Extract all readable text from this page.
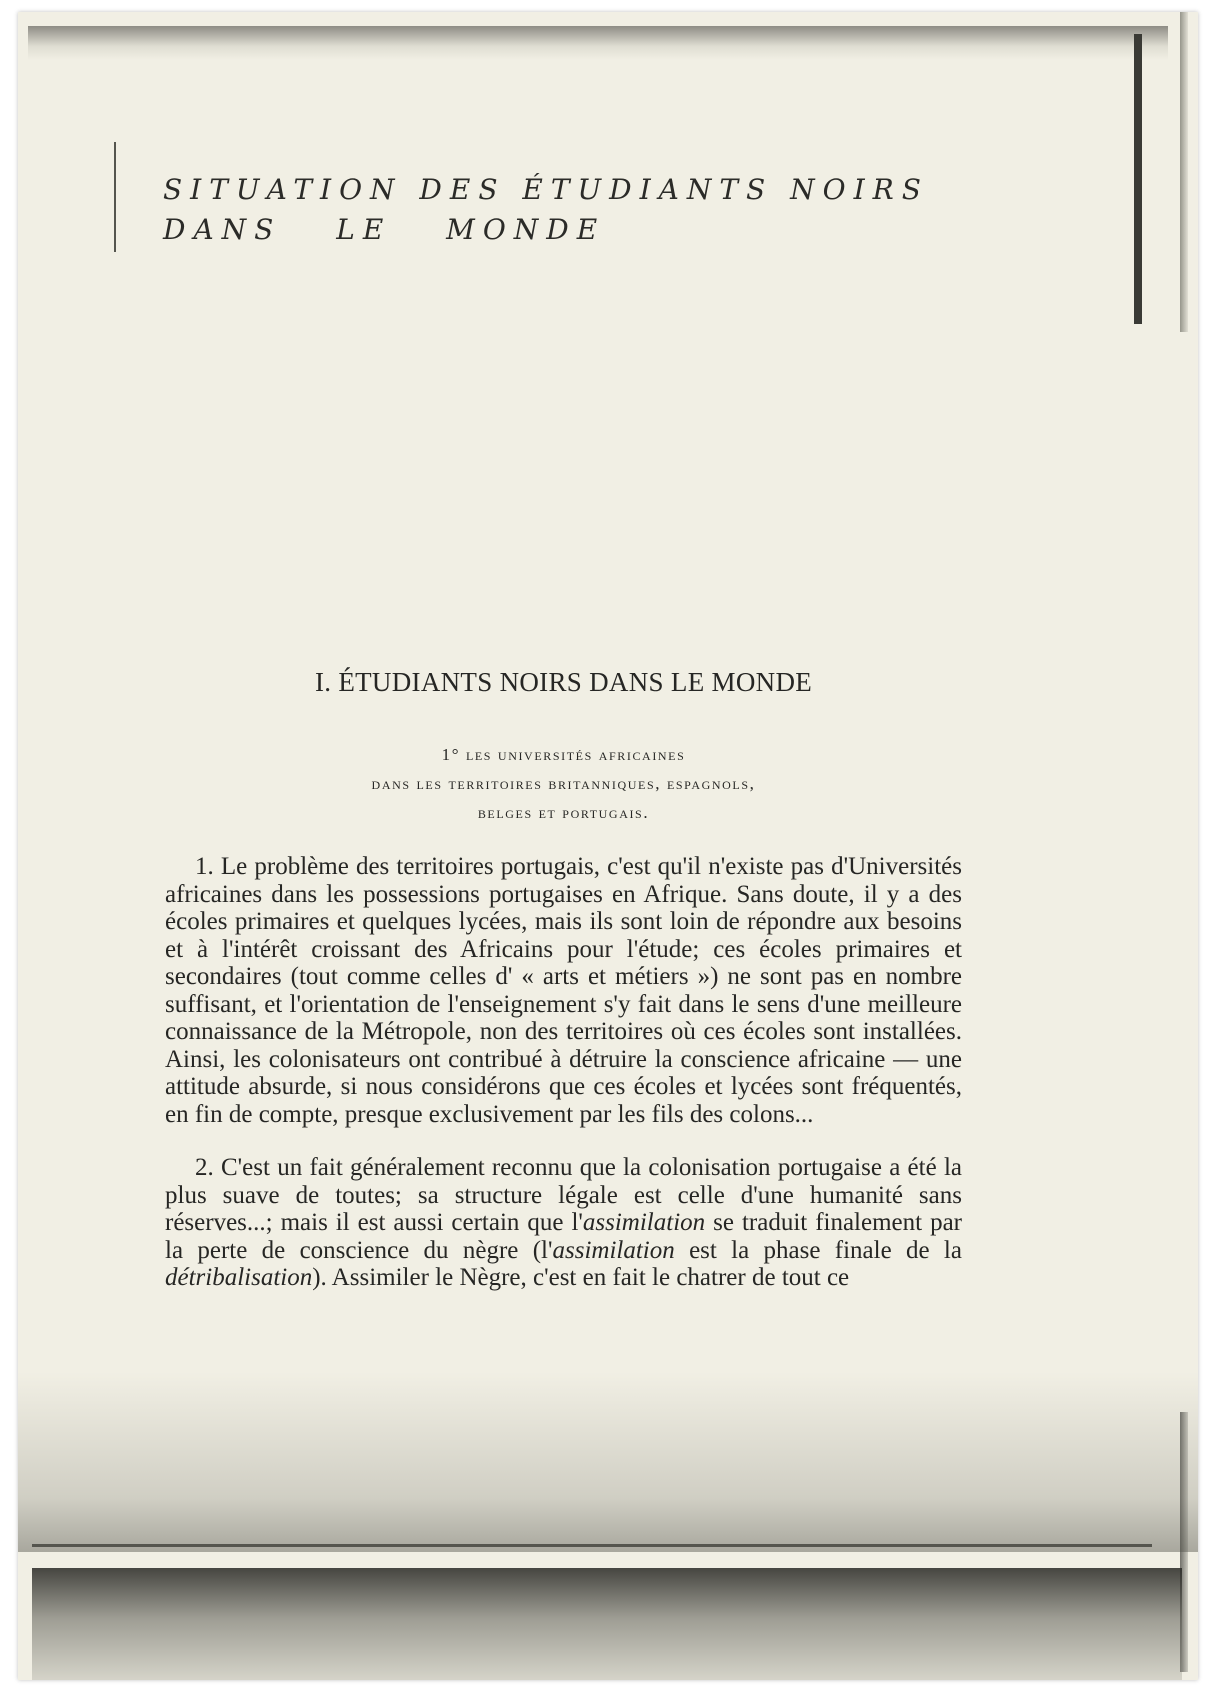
SITUATION DES ÉTUDIANTS NOIRS
DANS LE MONDE
I. ÉTUDIANTS NOIRS DANS LE MONDE
1° les universités africaines
dans les territoires britanniques, espagnols,
belges et portugais.

1. Le problème des territoires portugais, c'est qu'il n'existe pas d'Universités africaines dans les possessions portugaises en Afrique. Sans doute, il y a des écoles primaires et quelques lycées, mais ils sont loin de répondre aux besoins et à l'intérêt croissant des Africains pour l'étude; ces écoles primaires et secondaires (tout comme celles d' « arts et métiers ») ne sont pas en nombre suffisant, et l'orientation de l'enseignement s'y fait dans le sens d'une meilleure connaissance de la Métropole, non des territoires où ces écoles sont installées. Ainsi, les colonisateurs ont contribué à détruire la conscience africaine — une attitude absurde, si nous considérons que ces écoles et lycées sont fréquentés, en fin de compte, presque exclusivement par les fils des colons...

2. C'est un fait généralement reconnu que la colonisation portugaise a été la plus suave de toutes; sa structure légale est celle d'une humanité sans réserves...; mais il est aussi certain que l'assimilation se traduit finalement par la perte de conscience du nègre (l'assimilation est la phase finale de la détribalisation). Assimiler le Nègre, c'est en fait le chatrer de tout ce
